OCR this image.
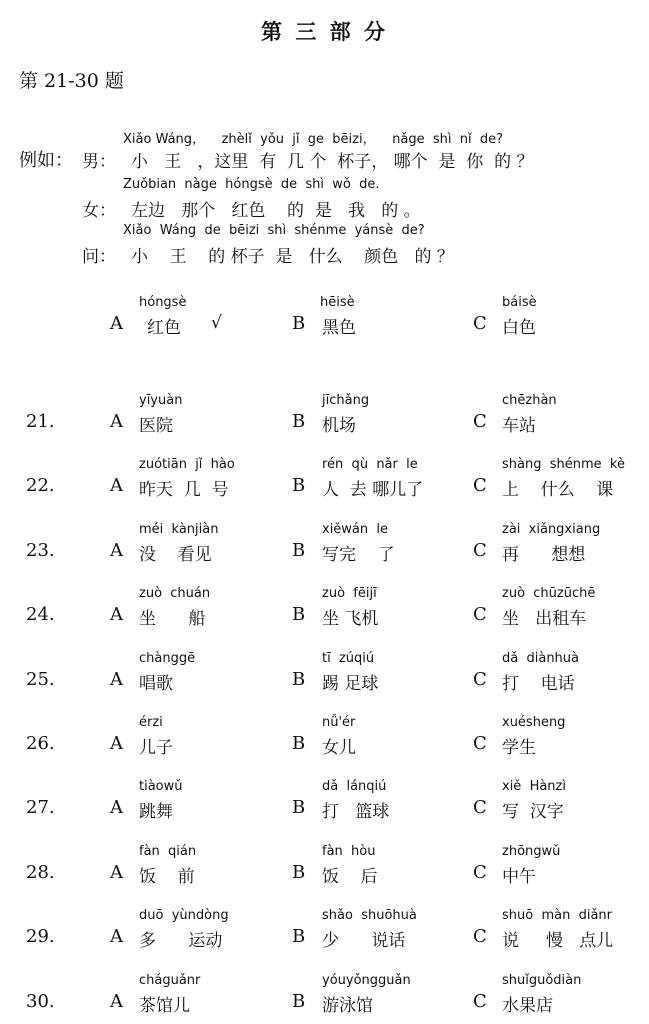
第 三 部 分
第 21-30 题
例如： 男：
Xiǎo Wáng，    zhèlǐ  yǒu  jǐ  ge  bēizi，    nǎge  shì  nǐ  de?
小   王   ，这里  有  几 个  杯子， 哪个  是  你  的 ？
女：
Zuǒbian  nàge  hóngsè  de  shì  wǒ  de.
左边   那个   红色    的  是   我   的 。
问：
Xiǎo  Wáng  de  bēizi  shì  shénme  yánsè  de?
小    王    的 杯子  是   什么    颜色   的 ？
A
hóngsè
红色 √	B
hēisè
黑色	C
báisè
白色
21.	A
yīyuàn
医院	B
jīchǎng
机场	C
chēzhàn
车站
22.	A
zuótiān  jǐ  hào
昨天  几  号	B
rén  qù  nǎr  le
人  去 哪儿了	C
shàng  shénme  kè
上    什么    课
23.	A
méi  kànjiàn
没    看见	B
xiěwán  le
写完    了	C
zài  xiǎngxiang
再      想想
24.	A
zuò  chuán
坐      船	B
zuò  fēijī
坐 飞机	C
zuò  chūzūchē
坐   出租车
25.	A
chànggē
唱歌	B
tī  zúqiú
踢 足球	C
dǎ  diànhuà
打    电话
26.	A
érzi
儿子	B
nǚ'ér
女儿	C
xuésheng
学生
27.	A
tiàowǔ
跳舞	B
dǎ  lánqiú
打   篮球	C
xiě  Hànzì
写  汉字
28.	A
fàn  qián
饭    前	B
fàn  hòu
饭    后	C
zhōngwǔ
中午
29.	A
duō  yùndòng
多      运动	B
shǎo  shuōhuà
少      说话	C
shuō  màn  diǎnr
说     慢   点儿
30.	A
cháguǎnr
茶馆儿	B
yóuyǒngguǎn
游泳馆	C
shuǐguǒdiàn
水果店
